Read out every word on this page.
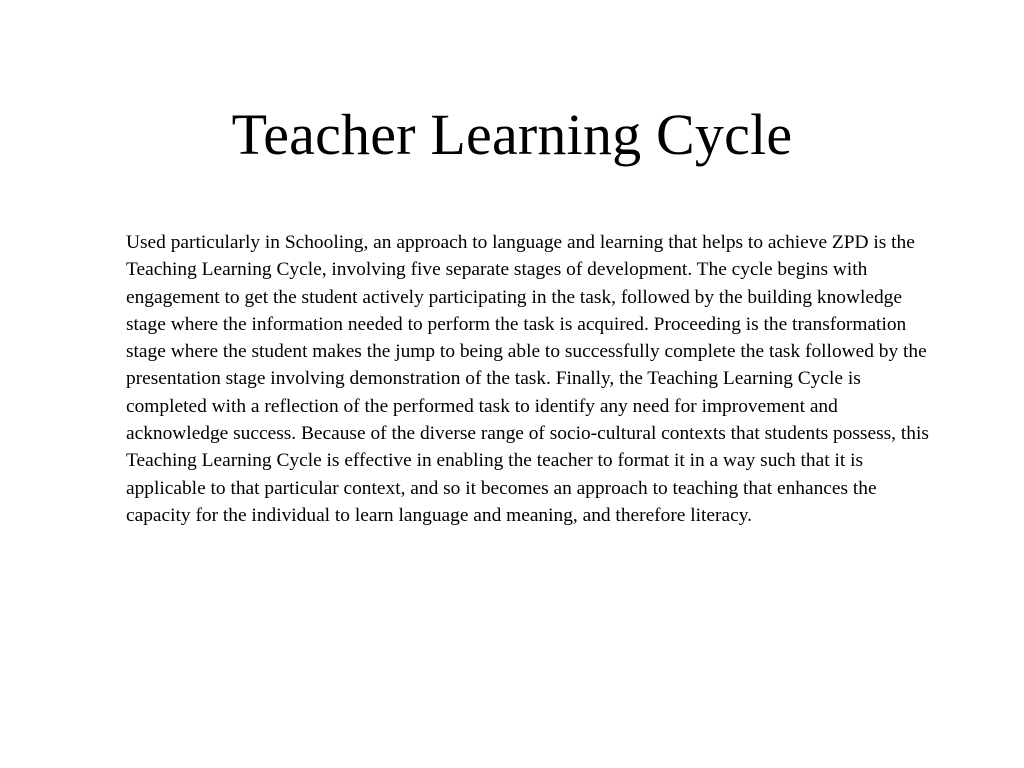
Teacher Learning Cycle

Used particularly in Schooling, an approach to language and learning that helps to achieve ZPD is the Teaching Learning Cycle, involving five separate stages of development. The cycle begins with engagement to get the student actively participating in the task, followed by the building knowledge stage where the information needed to perform the task is acquired. Proceeding is the transformation stage where the student makes the jump to being able to successfully complete the task followed by the presentation stage involving demonstration of the task. Finally, the Teaching Learning Cycle is completed with a reflection of the performed task to identify any need for improvement and acknowledge success. Because of the diverse range of socio-cultural contexts that students possess, this Teaching Learning Cycle is effective in enabling the teacher to format it in a way such that it is applicable to that particular context, and so it becomes an approach to teaching that enhances the capacity for the individual to learn language and meaning, and therefore literacy.
